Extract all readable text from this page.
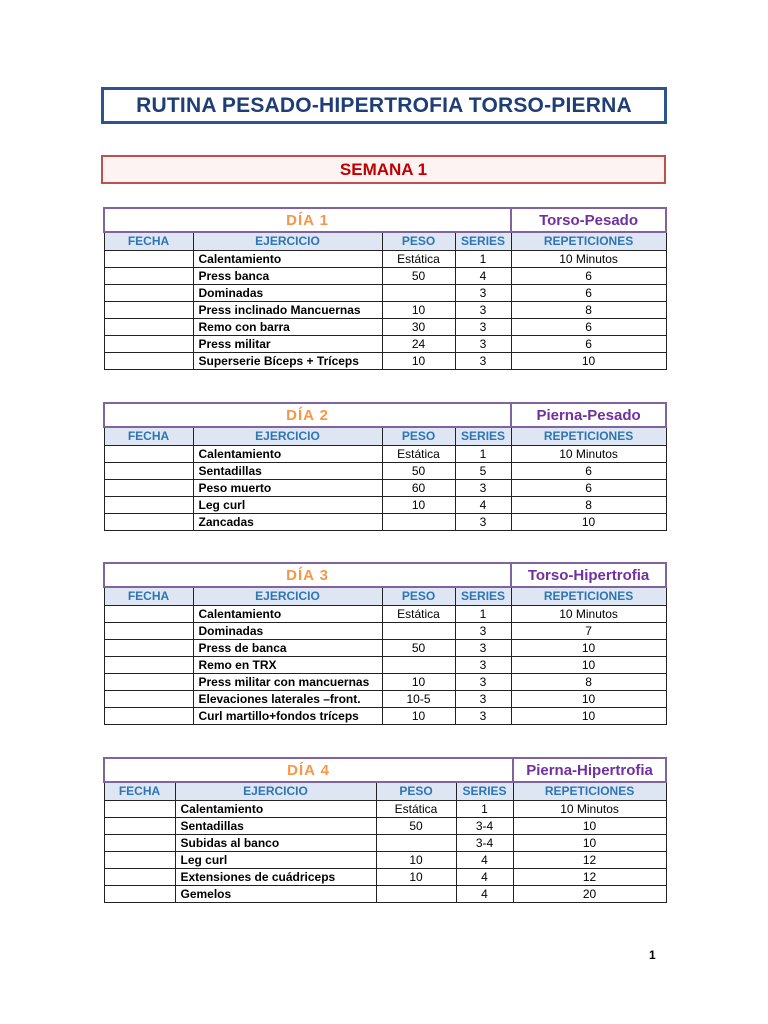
RUTINA PESADO-HIPERTROFIA TORSO-PIERNA
SEMANA 1
DÍA 1				Torso-Pesado
FECHA	EJERCICIO	PESO	SERIES	REPETICIONES
	Calentamiento	Estática	1	10 Minutos
	Press banca	50	4	6
	Dominadas		3	6
	Press inclinado Mancuernas	10	3	8
	Remo con barra	30	3	6
	Press militar	24	3	6
	Superserie Bíceps + Tríceps	10	3	10
DÍA 2				Pierna-Pesado
FECHA	EJERCICIO	PESO	SERIES	REPETICIONES
	Calentamiento	Estática	1	10 Minutos
	Sentadillas	50	5	6
	Peso muerto	60	3	6
	Leg curl	10	4	8
	Zancadas		3	10
DÍA 3				Torso-Hipertrofia
FECHA	EJERCICIO	PESO	SERIES	REPETICIONES
	Calentamiento	Estática	1	10 Minutos
	Dominadas		3	7
	Press de banca	50	3	10
	Remo en TRX		3	10
	Press militar con mancuernas	10	3	8
	Elevaciones laterales –front.	10-5	3	10
	Curl martillo+fondos tríceps	10	3	10
DÍA 4				Pierna-Hipertrofia
FECHA	EJERCICIO	PESO	SERIES	REPETICIONES
	Calentamiento	Estática	1	10 Minutos
	Sentadillas	50	3-4	10
	Subidas al banco		3-4	10
	Leg curl	10	4	12
	Extensiones de cuádriceps	10	4	12
	Gemelos		4	20
1
